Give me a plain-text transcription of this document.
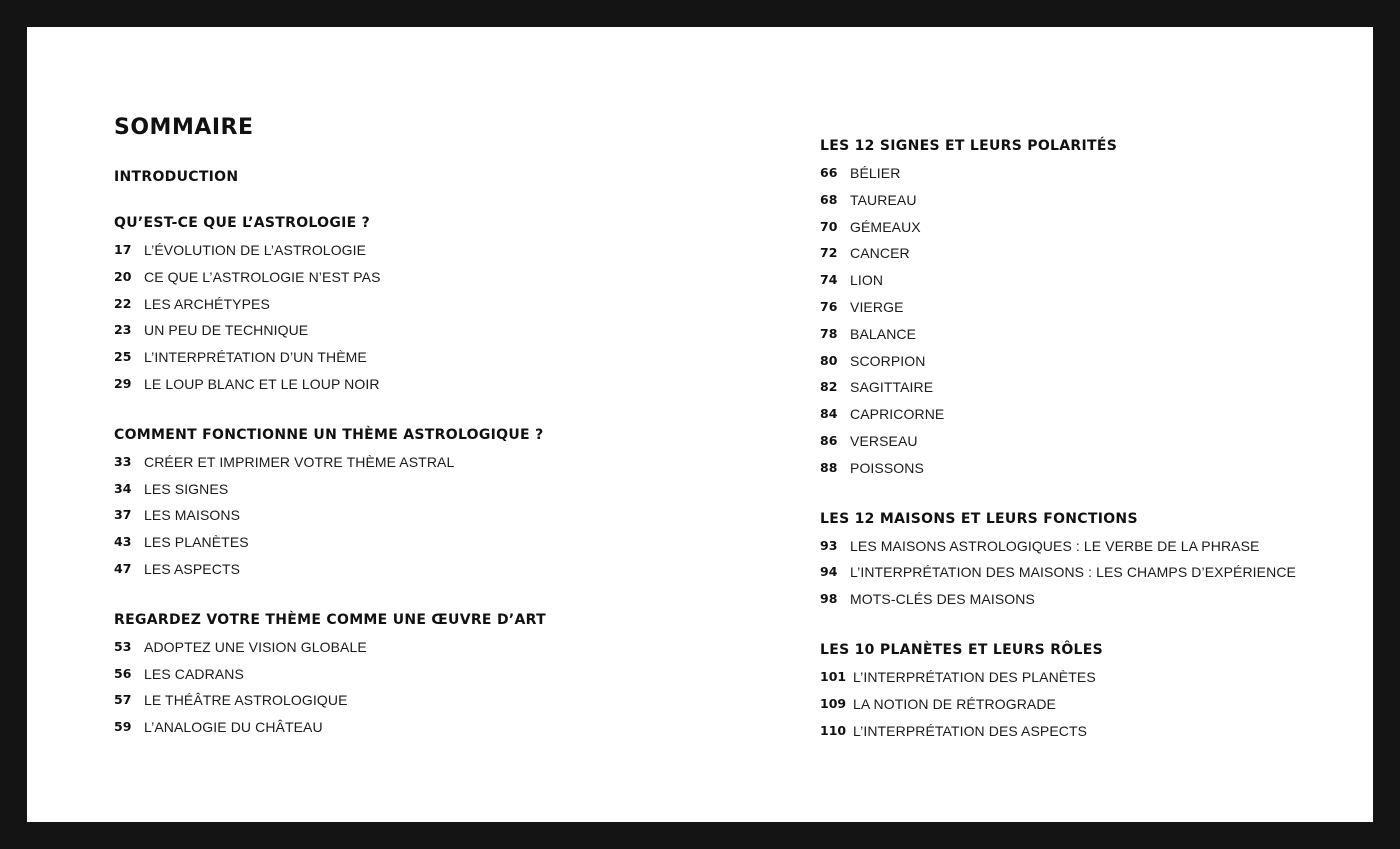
SOMMAIRE
INTRODUCTION
QU’EST-CE QUE L’ASTROLOGIE ?
17 L’ÉVOLUTION DE L’ASTROLOGIE
20 CE QUE L’ASTROLOGIE N’EST PAS
22 LES ARCHÉTYPES
23 UN PEU DE TECHNIQUE
25 L’INTERPRÉTATION D’UN THÈME
29 LE LOUP BLANC ET LE LOUP NOIR
COMMENT FONCTIONNE UN THÈME ASTROLOGIQUE ?
33 CRÉER ET IMPRIMER VOTRE THÈME ASTRAL
34 LES SIGNES
37 LES MAISONS
43 LES PLANÈTES
47 LES ASPECTS
REGARDEZ VOTRE THÈME COMME UNE ŒUVRE D’ART
53 ADOPTEZ UNE VISION GLOBALE
56 LES CADRANS
57 LE THÉÂTRE ASTROLOGIQUE
59 L’ANALOGIE DU CHÂTEAU
LES 12 SIGNES ET LEURS POLARITÉS
66 BÉLIER
68 TAUREAU
70 GÉMEAUX
72 CANCER
74 LION
76 VIERGE
78 BALANCE
80 SCORPION
82 SAGITTAIRE
84 CAPRICORNE
86 VERSEAU
88 POISSONS
LES 12 MAISONS ET LEURS FONCTIONS
93 LES MAISONS ASTROLOGIQUES : LE VERBE DE LA PHRASE
94 L’INTERPRÉTATION DES MAISONS : LES CHAMPS D’EXPÉRIENCE
98 MOTS-CLÉS DES MAISONS
LES 10 PLANÈTES ET LEURS RÔLES
101 L’INTERPRÉTATION DES PLANÈTES
109 LA NOTION DE RÉTROGRADE
110 L’INTERPRÉTATION DES ASPECTS
